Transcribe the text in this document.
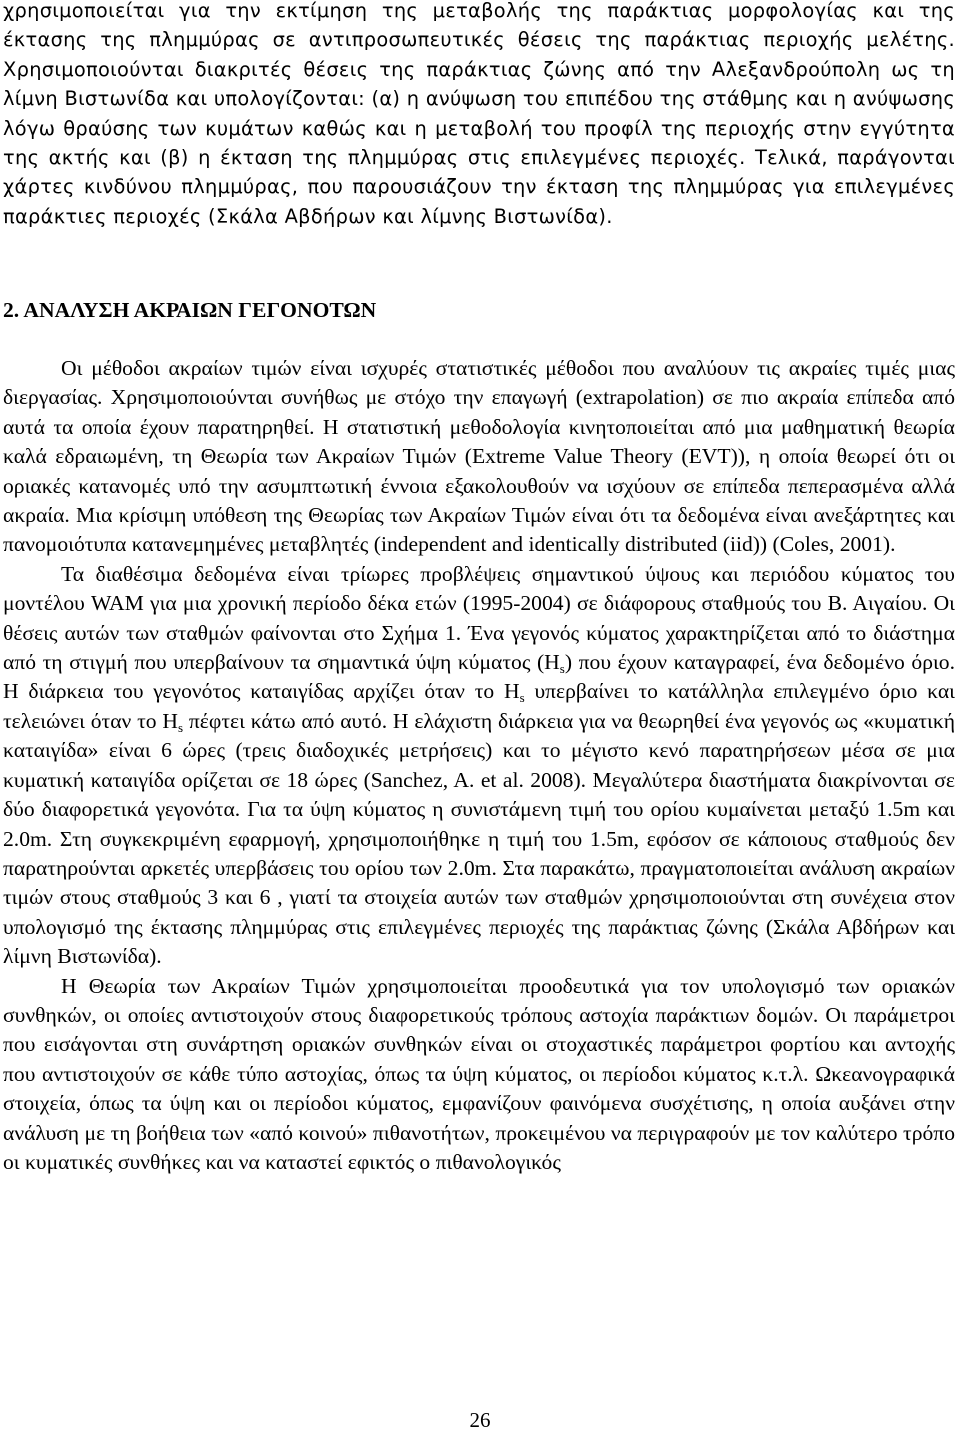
χρησιμοποιείται για την εκτίμηση της μεταβολής της παράκτιας μορφολογίας και της έκτασης της πλημμύρας σε αντιπροσωπευτικές θέσεις της παράκτιας περιοχής μελέτης. Χρησιμοποιούνται διακριτές θέσεις της παράκτιας ζώνης από την Αλεξανδρούπολη ως τη λίμνη Βιστωνίδα και υπολογίζονται: (α) η ανύψωση του επιπέδου της στάθμης και η ανύψωσης λόγω θραύσης των κυμάτων καθώς και η μεταβολή του προφίλ της περιοχής στην εγγύτητα της ακτής και (β) η έκταση της πλημμύρας στις επιλεγμένες περιοχές. Τελικά, παράγονται χάρτες κινδύνου πλημμύρας, που παρουσιάζουν την έκταση της πλημμύρας για επιλεγμένες παράκτιες περιοχές (Σκάλα Αβδήρων και λίμνης Βιστωνίδα).

2. ΑΝΑΛΥΣΗ ΑΚΡΑΙΩΝ ΓΕΓΟΝΟΤΩΝ

Οι μέθοδοι ακραίων τιμών είναι ισχυρές στατιστικές μέθοδοι που αναλύουν τις ακραίες τιμές μιας διεργασίας. Χρησιμοποιούνται συνήθως με στόχο την επαγωγή (extrapolation) σε πιο ακραία επίπεδα από αυτά τα οποία έχουν παρατηρηθεί. Η στατιστική μεθοδολογία κινητοποιείται από μια μαθηματική θεωρία καλά εδραιωμένη, τη Θεωρία των Ακραίων Τιμών (Extreme Value Theory (EVT)), η οποία θεωρεί ότι οι οριακές κατανομές υπό την ασυμπτωτική έννοια εξακολουθούν να ισχύουν σε επίπεδα πεπερασμένα αλλά ακραία. Μια κρίσιμη υπόθεση της Θεωρίας των Ακραίων Τιμών είναι ότι τα δεδομένα είναι ανεξάρτητες και πανομοιότυπα κατανεμημένες μεταβλητές (independent and identically distributed (iid)) (Coles, 2001).

Τα διαθέσιμα δεδομένα είναι τρίωρες προβλέψεις σημαντικού ύψους και περιόδου κύματος του μοντέλου WAM για μια χρονική περίοδο δέκα ετών (1995-2004) σε διάφορους σταθμούς του Β. Αιγαίου. Οι θέσεις αυτών των σταθμών φαίνονται στο Σχήμα 1. Ένα γεγονός κύματος χαρακτηρίζεται από το διάστημα από τη στιγμή που υπερβαίνουν τα σημαντικά ύψη κύματος $(H_s)$ που έχουν καταγραφεί, ένα δεδομένο όριο. Η διάρκεια του γεγονότος καταιγίδας αρχίζει όταν το $H_s$ υπερβαίνει το κατάλληλα επιλεγμένο όριο και τελειώνει όταν το $H_s$ πέφτει κάτω από αυτό. Η ελάχιστη διάρκεια για να θεωρηθεί ένα γεγονός ως «κυματική καταιγίδα» είναι 6 ώρες (τρεις διαδοχικές μετρήσεις) και το μέγιστο κενό παρατηρήσεων μέσα σε μια κυματική καταιγίδα ορίζεται σε 18 ώρες (Sanchez, A. et al. 2008). Μεγαλύτερα διαστήματα διακρίνονται σε δύο διαφορετικά γεγονότα. Για τα ύψη κύματος η συνιστάμενη τιμή του ορίου κυμαίνεται μεταξύ 1.5m και 2.0m. Στη συγκεκριμένη εφαρμογή, χρησιμοποιήθηκε η τιμή του 1.5m, εφόσον σε κάποιους σταθμούς δεν παρατηρούνται αρκετές υπερβάσεις του ορίου των 2.0m. Στα παρακάτω, πραγματοποιείται ανάλυση ακραίων τιμών στους σταθμούς 3 και 6 , γιατί τα στοιχεία αυτών των σταθμών χρησιμοποιούνται στη συνέχεια στον υπολογισμό της έκτασης πλημμύρας στις επιλεγμένες περιοχές της παράκτιας ζώνης (Σκάλα Αβδήρων και λίμνη Βιστωνίδα).

Η Θεωρία των Ακραίων Τιμών χρησιμοποιείται προοδευτικά για τον υπολογισμό των οριακών συνθηκών, οι οποίες αντιστοιχούν στους διαφορετικούς τρόπους αστοχία παράκτιων δομών. Οι παράμετροι που εισάγονται στη συνάρτηση οριακών συνθηκών είναι οι στοχαστικές παράμετροι φορτίου και αντοχής που αντιστοιχούν σε κάθε τύπο αστοχίας, όπως τα ύψη κύματος, οι περίοδοι κύματος κ.τ.λ. Ωκεανογραφικά στοιχεία, όπως τα ύψη και οι περίοδοι κύματος, εμφανίζουν φαινόμενα συσχέτισης, η οποία αυξάνει στην ανάλυση με τη βοήθεια των «από κοινού» πιθανοτήτων, προκειμένου να περιγραφούν με τον καλύτερο τρόπο οι κυματικές συνθήκες και να καταστεί εφικτός ο πιθανολογικός

26
